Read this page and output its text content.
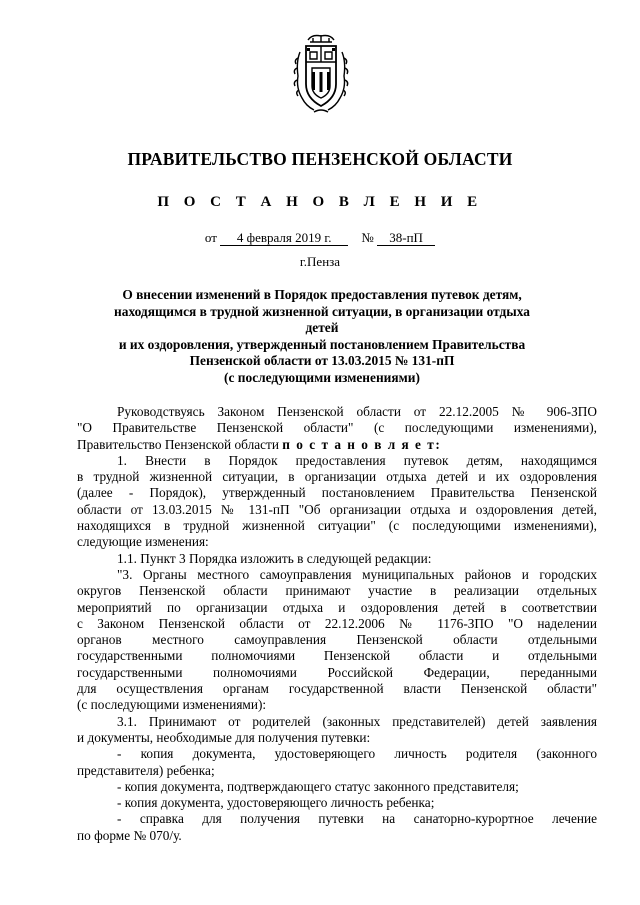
ПРАВИТЕЛЬСТВО ПЕНЗЕНСКОЙ ОБЛАСТИ
П О С Т А Н О В Л Е Н И Е
от 4 февраля 2019 г. № 38-пП
г.Пенза
О внесении изменений в Порядок предоставления путевок детям,
находящимся в трудной жизненной ситуации, в организации отдыха детей
и их оздоровления, утвержденный постановлением Правительства
Пензенской области от 13.03.2015 № 131-пП
(с последующими изменениями)

Руководствуясь Законом Пензенской области от 22.12.2005 № 906-ЗПО

"О Правительстве Пензенской области" (с последующими изменениями),

Правительство Пензенской области п о с т а н о в л я е т:

1. Внести в Порядок предоставления путевок детям, находящимся

в трудной жизненной ситуации, в организации отдыха детей и их оздоровления

(далее - Порядок), утвержденный постановлением Правительства Пензенской

области от 13.03.2015 № 131-пП "Об организации отдыха и оздоровления детей,

находящихся в трудной жизненной ситуации" (с последующими изменениями),

следующие изменения:

1.1. Пункт 3 Порядка изложить в следующей редакции:

"3. Органы местного самоуправления муниципальных районов и городских

округов Пензенской области принимают участие в реализации отдельных

мероприятий по организации отдыха и оздоровления детей в соответствии

с Законом Пензенской области от 22.12.2006 № 1176-ЗПО "О наделении

органов местного самоуправления Пензенской области отдельными

государственными полномочиями Пензенской области и отдельными

государственными полномочиями Российской Федерации, переданными

для осуществления органам государственной власти Пензенской области"

(с последующими изменениями):

3.1. Принимают от родителей (законных представителей) детей заявления

и документы, необходимые для получения путевки:

- копия документа, удостоверяющего личность родителя (законного

представителя) ребенка;

- копия документа, подтверждающего статус законного представителя;

- копия документа, удостоверяющего личность ребенка;

- справка для получения путевки на санаторно-курортное лечение

по форме № 070/у.
